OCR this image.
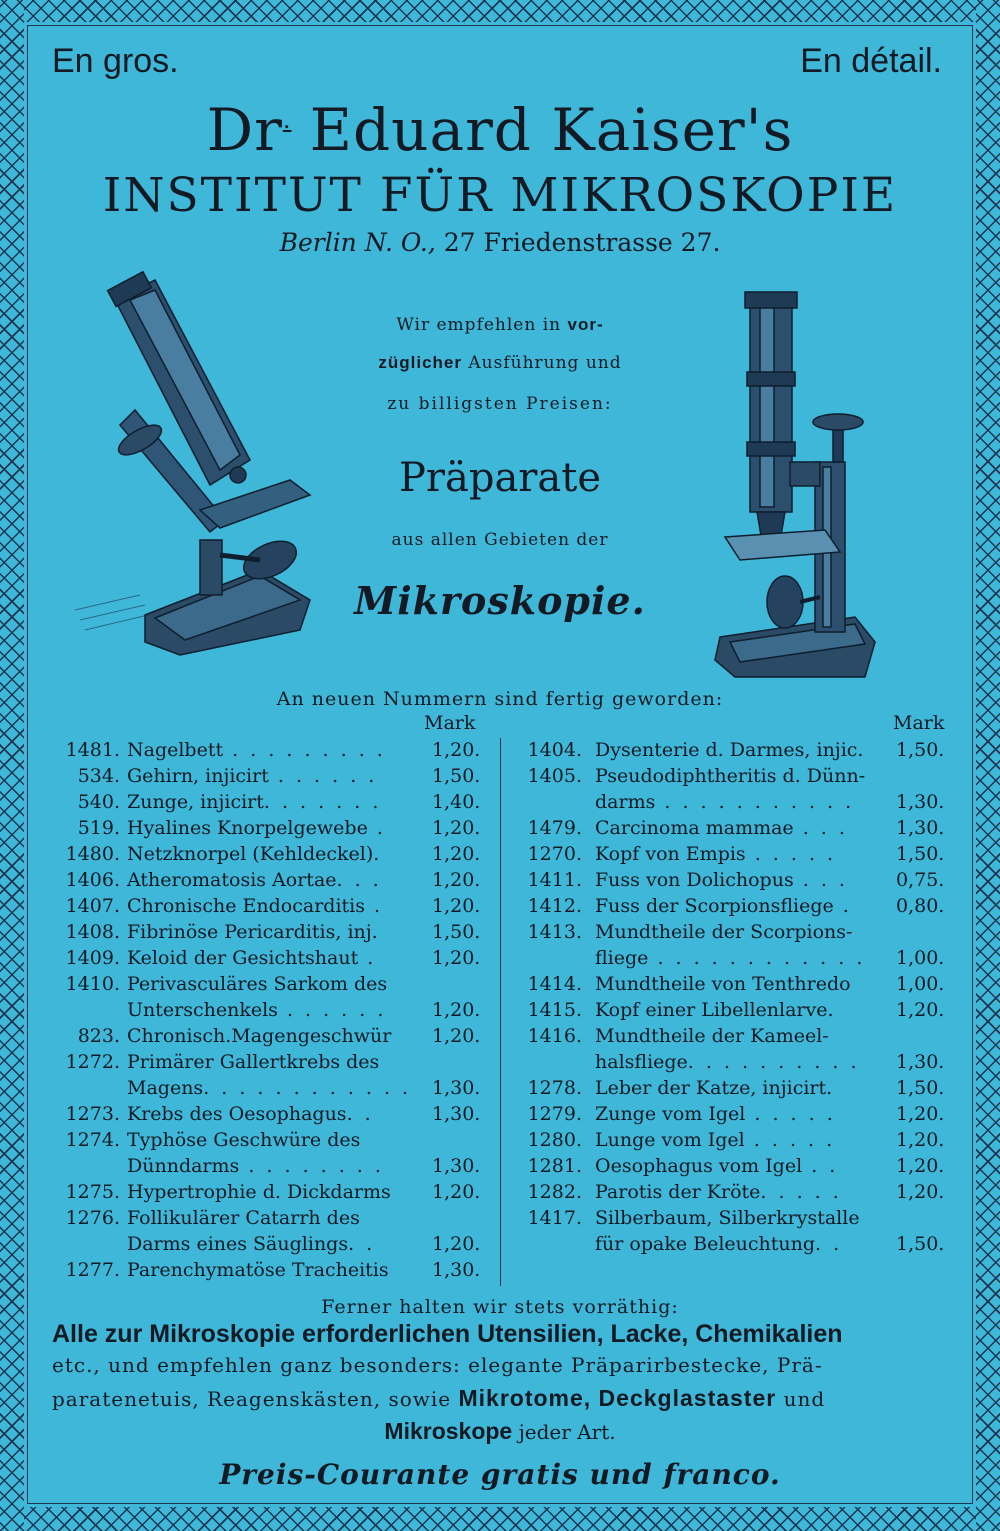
En gros.	En détail.
Dr. Eduard Kaiser's
INSTITUT FÜR MIKROSKOPIE
Berlin N. O., 27 Friedenstrasse 27.
Wir empfehlen in vor-
züglicher Ausführung und
zu billigsten Preisen:
Präparate
aus allen Gebieten der
Mikroskopie.
An neuen Nummern sind fertig geworden:
Mark	Mark
1481. Nagelbett . . . . . . . . . 1,20.
534. Gehirn, injicirt . . . . . .	1,50.
540. Zunge, injicirt. . . . . . .	1,40.
519. Hyalines Knorpelgewebe . 1,20.
1480. Netzknorpel (Kehldeckel).	1,20.
1406. Atheromatosis Aortae. . .	1,20.
1407. Chronische Endocarditis .	1,20.
1408. Fibrinöse Pericarditis, inj.	1,50.
1409. Keloid der Gesichtshaut .	1,20.
1410. Perivasculäres Sarkom des
Unterschenkels . . . . . . 1,20.
823. Chronisch.Magengeschwür 1,20.
1272. Primärer Gallertkrebs des
Magens. . . . . . . . . . . . 1,30.
1273. Krebs des Oesophagus. .	1,30.
1274. Typhöse Geschwüre des
Dünndarms . . . . . . . .	1,30.
1275. Hypertrophie d. Dickdarms 1,20.
1276. Follikulärer Catarrh des
Darms eines Säuglings. .	1,20.
1277. Parenchymatöse Tracheitis 1,30.
1404. Dysenterie d. Darmes, injic. 1,50.
1405. Pseudodiphtheritis d. Dünn-
darms . . . . . . . . . . . 1,30.
1479. Carcinoma mammae . . .	1,30.
1270. Kopf von Empis . . . . .	1,50.
1411. Fuss von Dolichopus . . .	0,75.
1412. Fuss der Scorpionsfliege . 0,80.
1413. Mundtheile der Scorpions-
fliege . . . . . . . . . . . . 1,00.
1414. Mundtheile von Tenthredo 1,00.
1415. Kopf einer Libellenlarve.	1,20.
1416. Mundtheile der Kameel-
halsfliege. . . . . . . . . . 1,30.
1278. Leber der Katze, injicirt.	1,50.
1279. Zunge vom Igel . . . . .	1,20.
1280. Lunge vom Igel . . . . .	1,20.
1281. Oesophagus vom Igel . .	1,20.
1282. Parotis der Kröte. . . . .	1,20.
1417. Silberbaum, Silberkrystalle
für opake Beleuchtung. .	1,50.
Ferner halten wir stets vorräthig:
Alle zur Mikroskopie erforderlichen Utensilien, Lacke, Chemikalien
etc., und empfehlen ganz besonders: elegante Präparirbestecke, Prä-
paratenetuis, Reagenskästen, sowie Mikrotome, Deckglastaster und
Mikroskope jeder Art.
Preis-Courante gratis und franco.
